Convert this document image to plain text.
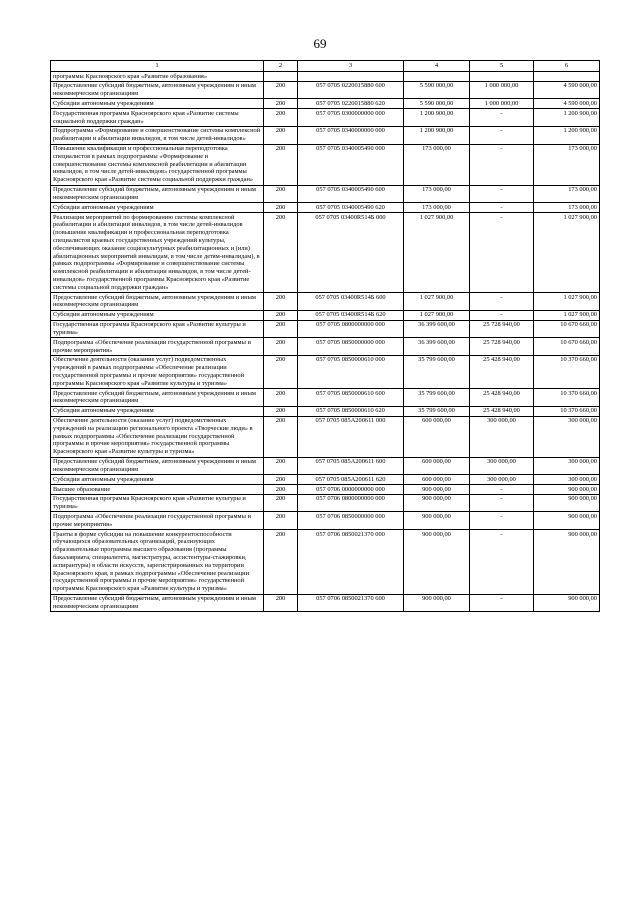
69
1	2	3	4	5	6
программы Красноярского края «Развитие образования»					
Предоставление субсидий бюджетным, автономным учреждениям и иным некоммерческим организациям	200	057 0705 0220015880 600	5 590 000,00	1 000 000,00	4 590 000,00
Субсидии автономным учреждениям	200	057 0705 0220015880 620	5 590 000,00	1 000 000,00	4 590 000,00
Государственная программа Красноярского края «Развитие системы социальной поддержки граждан»	200	057 0705 0300000000 000	1 200 900,00	-	1 200 900,00
Подпрограмма «Формирование и совершенствование системы комплексной реабилитации и абилитации инвалидов, в том числе детей-инвалидов»	200	057 0705 0340000000 000	1 200 900,00	-	1 200 900,00
Повышение квалификации и профессиональная переподготовка специалистов в рамках подпрограммы «Формирование и совершенствование системы комплексной реабилитации и абилитации инвалидов, в том числе детей-инвалидов» государственной программы Красноярского края «Развитие системы социальной поддержки граждан»	200	057 0705 0340005490 000	173 000,00	-	173 000,00
Предоставление субсидий бюджетным, автономным учреждениям и иным некоммерческим организациям	200	057 0705 0340005490 600	173 000,00	-	173 000,00
Субсидии автономным учреждениям	200	057 0705 0340005490 620	173 000,00	-	173 000,00
Реализация мероприятий по формированию системы комплексной реабилитации и абилитации инвалидов, в том числе детей-инвалидов (повышение квалификации и профессиональная переподготовка специалистов краевых государственных учреждений культуры, обеспечивающих оказание социокультурных реабилитационных и (или) абилитационных мероприятий инвалидам, в том числе детям-инвалидам), в рамках подпрограммы «Формирование и совершенствование системы комплексной реабилитации и абилитации инвалидов, в том числе детей-инвалидов» государственной программы Красноярского края «Развитие системы социальной поддержки граждан»	200	057 0705 03400R514Б 000	1 027 900,00	-	1 027 900,00
Предоставление субсидий бюджетным, автономным учреждениям и иным некоммерческим организациям	200	057 0705 03400R514Б 600	1 027 900,00	-	1 027 900,00
Субсидии автономным учреждениям	200	057 0705 03400R514Б 620	1 027 900,00	-	1 027 900,00
Государственная программа Красноярского края «Развитие культуры и туризма»	200	057 0705 0800000000 000	36 399 600,00	25 728 940,00	10 670 660,00
Подпрограмма «Обеспечение реализации государственной программы и прочие мероприятия»	200	057 0705 0850000000 000	36 399 600,00	25 728 940,00	10 670 660,00
Обеспечение деятельности (оказание услуг) подведомственных учреждений в рамках подпрограммы «Обеспечение реализации государственной программы и прочие мероприятия» государственной программы Красноярского края «Развитие культуры и туризма»	200	057 0705 0850000610 000	35 799 600,00	25 428 940,00	10 370 660,00
Предоставление субсидий бюджетным, автономным учреждениям и иным некоммерческим организациям	200	057 0705 0850000610 600	35 799 600,00	25 428 940,00	10 370 660,00
Субсидии автономным учреждениям	200	057 0705 0850000610 620	35 799 600,00	25 428 940,00	10 370 660,00
Обеспечение деятельности (оказание услуг) подведомственных учреждений на реализацию регионального проекта «Творческие люди» в рамках подпрограммы «Обеспечение реализации государственной программы и прочие мероприятия» государственной программы Красноярского края «Развитие культуры и туризма»	200	057 0705 085А200611 000	600 000,00	300 000,00	300 000,00
Предоставление субсидий бюджетным, автономным учреждениям и иным некоммерческим организациям	200	057 0705 085А200611 600	600 000,00	300 000,00	300 000,00
Субсидии автономным учреждениям	200	057 0705 085А200611 620	600 000,00	300 000,00	300 000,00
Высшее образование	200	057 0706 0000000000 000	900 000,00	-	900 000,00
Государственная программа Красноярского края «Развитие культуры и туризма»	200	057 0706 0800000000 000	900 000,00	-	900 000,00
Подпрограмма «Обеспечение реализации государственной программы и прочие мероприятия»	200	057 0706 0850000000 000	900 000,00	-	900 000,00
Гранты в форме субсидии на повышение конкурентоспособности обучающихся образовательных организаций, реализующих образовательные программы высшего образования (программы бакалавриата, специалитета, магистратуры, ассистентуры-стажировки, аспирантуры) в области искусств, зарегистрированных на территории Красноярского края, в рамках подпрограммы «Обеспечение реализации государственной программы и прочие мероприятия» государственной программы Красноярского края «Развитие культуры и туризма»	200	057 0706 0850021370 000	900 000,00	-	900 000,00
Предоставление субсидий бюджетным, автономным учреждениям и иным некоммерческим организациям	200	057 0706 0850021370 600	900 000,00	-	900 000,00
